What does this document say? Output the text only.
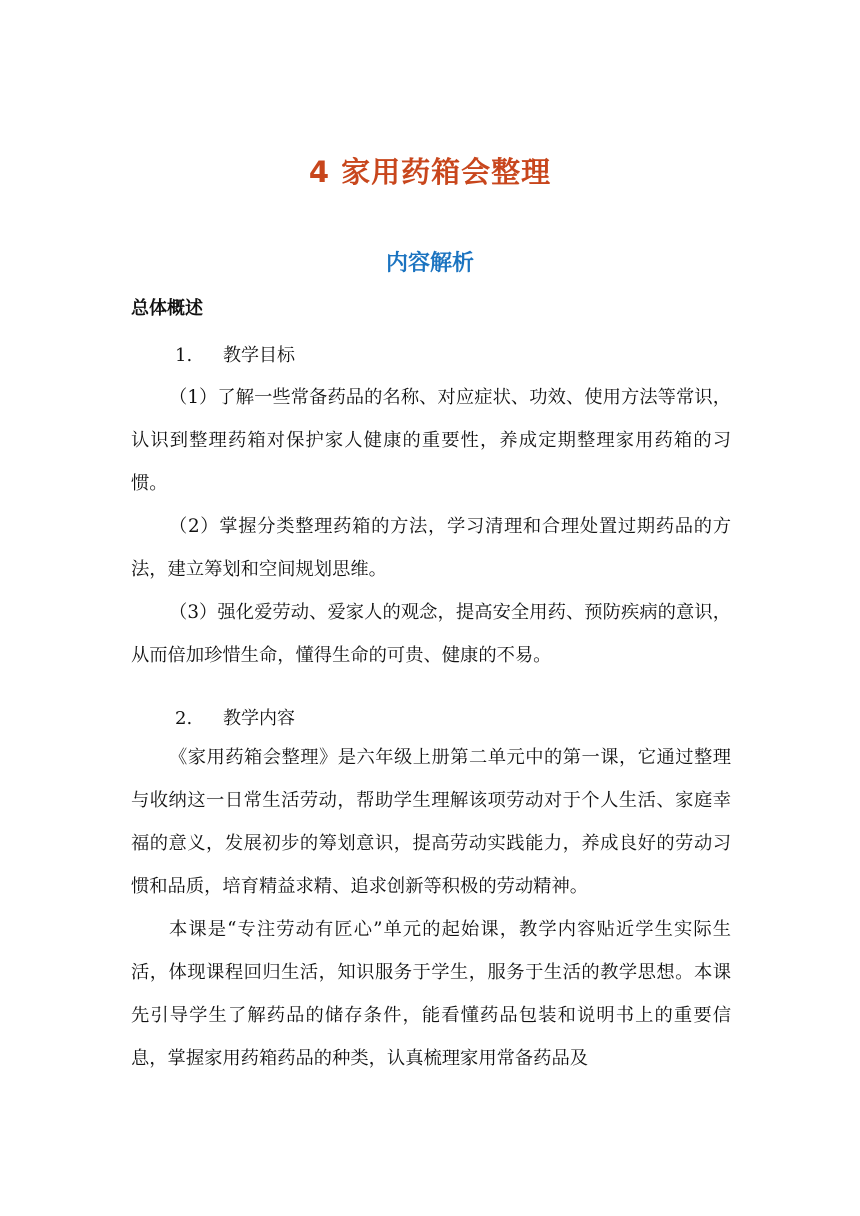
4 家用药箱会整理
内容解析
总体概述
1. 教学目标

（1）了解一些常备药品的名称、对应症状、功效、使用方法等常识，认识到整理药箱对保护家人健康的重要性，养成定期整理家用药箱的习惯。

（2）掌握分类整理药箱的方法，学习清理和合理处置过期药品的方法，建立筹划和空间规划思维。

（3）强化爱劳动、爱家人的观念，提高安全用药、预防疾病的意识，从而倍加珍惜生命，懂得生命的可贵、健康的不易。

2. 教学内容

《家用药箱会整理》是六年级上册第二单元中的第一课，它通过整理与收纳这一日常生活劳动，帮助学生理解该项劳动对于个人生活、家庭幸福的意义，发展初步的筹划意识，提高劳动实践能力，养成良好的劳动习惯和品质，培育精益求精、追求创新等积极的劳动精神。

本课是“专注劳动有匠心”单元的起始课，教学内容贴近学生实际生活，体现课程回归生活，知识服务于学生，服务于生活的教学思想。本课先引导学生了解药品的储存条件，能看懂药品包装和说明书上的重要信息，掌握家用药箱药品的种类，认真梳理家用常备药品及
